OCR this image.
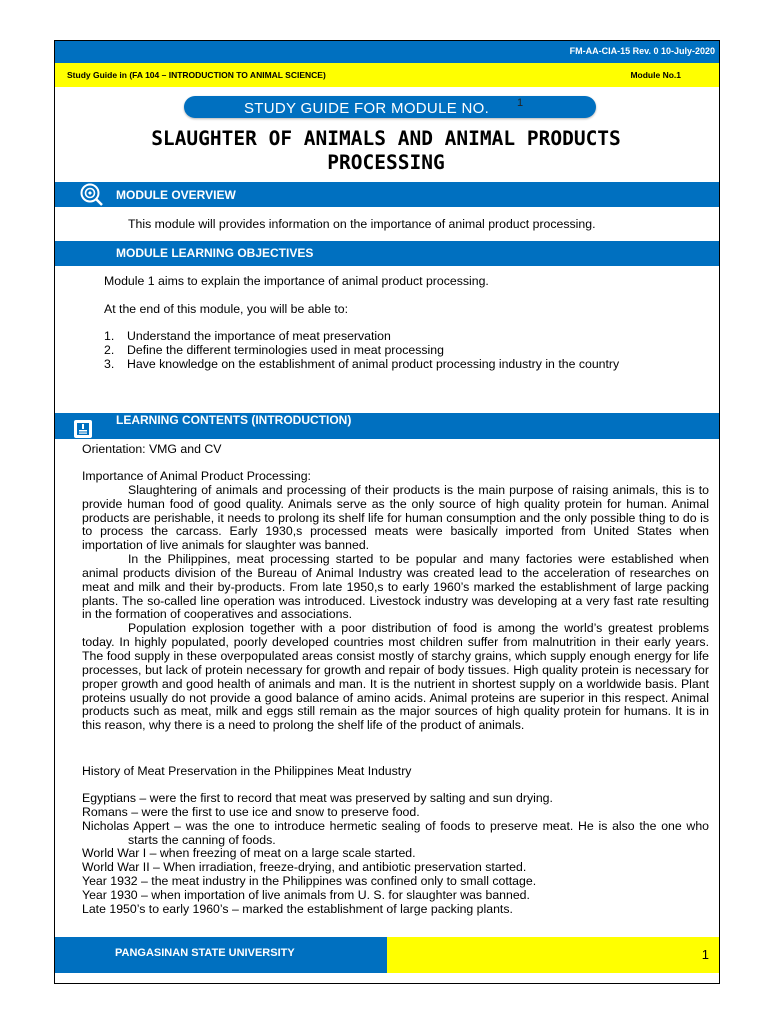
FM-AA-CIA-15 Rev. 0 10-July-2020
Study Guide in (FA 104 – INTRODUCTION TO ANIMAL SCIENCE)	Module No.1
STUDY GUIDE FOR MODULE NO.	1
SLAUGHTER OF ANIMALS AND ANIMAL PRODUCTS
PROCESSING
MODULE OVERVIEW
This module will provides information on the importance of animal product processing.
MODULE LEARNING OBJECTIVES
Module 1 aims to explain the importance of animal product processing.
At the end of this module, you will be able to:
1. Understand the importance of meat preservation
2. Define the different terminologies used in meat processing
3. Have knowledge on the establishment of animal product processing industry in the country
LEARNING CONTENTS (INTRODUCTION)
Orientation: VMG and CV

Importance of Animal Product Processing:

Slaughtering of animals and processing of their products is the main purpose of raising animals, this is to provide human food of good quality. Animals serve as the only source of high quality protein for human. Animal products are perishable, it needs to prolong its shelf life for human consumption and the only possible thing to do is to process the carcass. Early 1930,s processed meats were basically imported from United States when importation of live animals for slaughter was banned.

In the Philippines, meat processing started to be popular and many factories were established when animal products division of the Bureau of Animal Industry was created lead to the acceleration of researches on meat and milk and their by-products. From late 1950,s to early 1960’s marked the establishment of large packing plants. The so-called line operation was introduced. Livestock industry was developing at a very fast rate resulting in the formation of cooperatives and associations.

Population explosion together with a poor distribution of food is among the world’s greatest problems today. In highly populated, poorly developed countries most children suffer from malnutrition in their early years. The food supply in these overpopulated areas consist mostly of starchy grains, which supply enough energy for life processes, but lack of protein necessary for growth and repair of body tissues. High quality protein is necessary for proper growth and good health of animals and man. It is the nutrient in shortest supply on a worldwide basis. Plant proteins usually do not provide a good balance of amino acids. Animal proteins are superior in this respect. Animal products such as meat, milk and eggs still remain as the major sources of high quality protein for humans. It is in this reason, why there is a need to prolong the shelf life of the product of animals.

History of Meat Preservation in the Philippines Meat Industry

Egyptians – were the first to record that meat was preserved by salting and sun drying.

Romans – were the first to use ice and snow to preserve food.

Nicholas Appert – was the one to introduce hermetic sealing of foods to preserve meat. He is also the one who starts the canning of foods.

World War I – when freezing of meat on a large scale started.

World War II – When irradiation, freeze-drying, and antibiotic preservation started.

Year 1932 – the meat industry in the Philippines was confined only to small cottage.

Year 1930 – when importation of live animals from U. S. for slaughter was banned.

Late 1950’s to early 1960’s – marked the establishment of large packing plants.

PANGASINAN STATE UNIVERSITY	1
